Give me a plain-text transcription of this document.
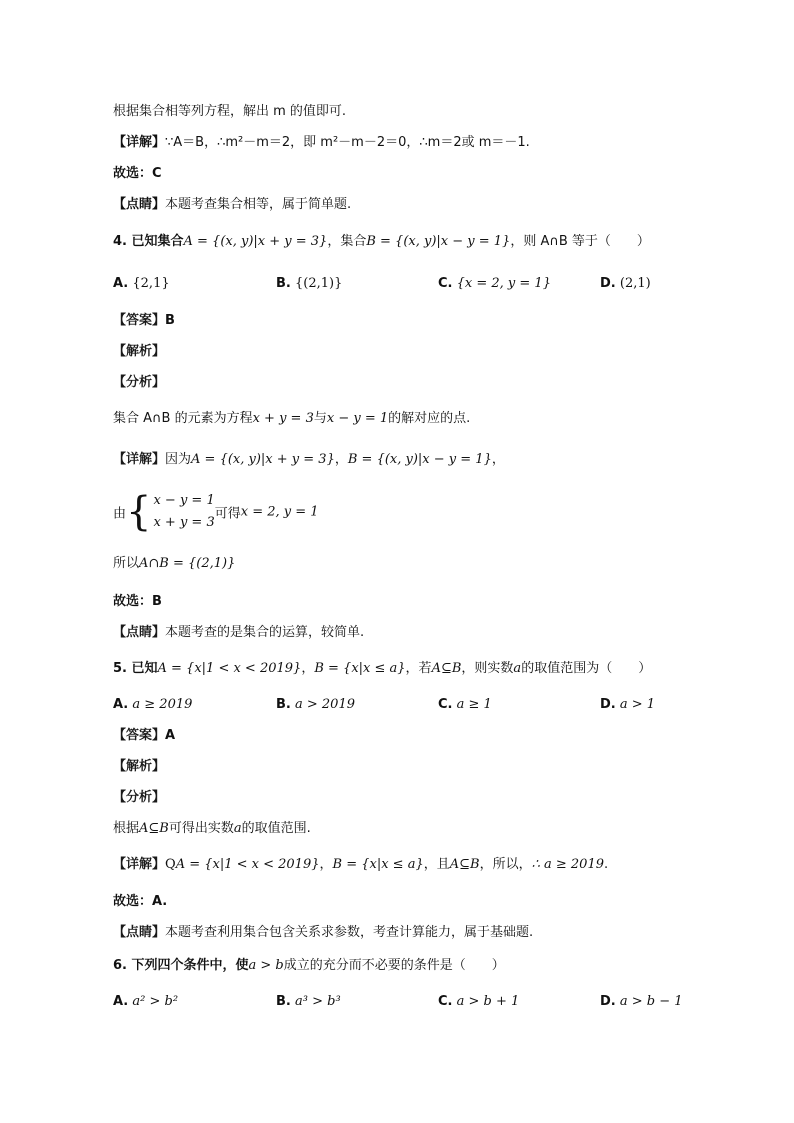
根据集合相等列方程，解出 m 的值即可.
【详解】∵A＝B，∴m²－m＝2，即 m²－m－2＝0，∴m＝2或 m＝－1.
故选：C
【点睛】本题考查集合相等，属于简单题.
4. 已知集合A = {(x, y)|x + y = 3}，集合B = {(x, y)|x − y = 1}，则 A∩B 等于（　　）
A. {2,1}	B. {(2,1)}	C. {x = 2, y = 1}	D. (2,1)
【答案】B
【解析】
【分析】
集合 A∩B 的元素为方程x + y = 3与x − y = 1的解对应的点.
【详解】因为A = {(x, y)|x + y = 3}，B = {(x, y)|x − y = 1}，
由{ x − y = 1
x + y = 3
可得x = 2, y = 1
所以A∩B = {(2,1)}
故选：B
【点睛】本题考查的是集合的运算，较简单.
5. 已知A = {x|1 < x < 2019}，B = {x|x ≤ a}，若A⊆B，则实数a的取值范围为（　　）
A. a ≥ 2019	B. a > 2019	C. a ≥ 1	D. a > 1
【答案】A
【解析】
【分析】
根据A⊆B可得出实数a的取值范围.
【详解】QA = {x|1 < x < 2019}，B = {x|x ≤ a}，且A⊆B，所以，∴ a ≥ 2019.
故选：A.
【点睛】本题考查利用集合包含关系求参数，考查计算能力，属于基础题.
6. 下列四个条件中，使a > b成立的充分而不必要的条件是（　　）
A. a² > b²	B. a³ > b³	C. a > b + 1	D. a > b − 1
